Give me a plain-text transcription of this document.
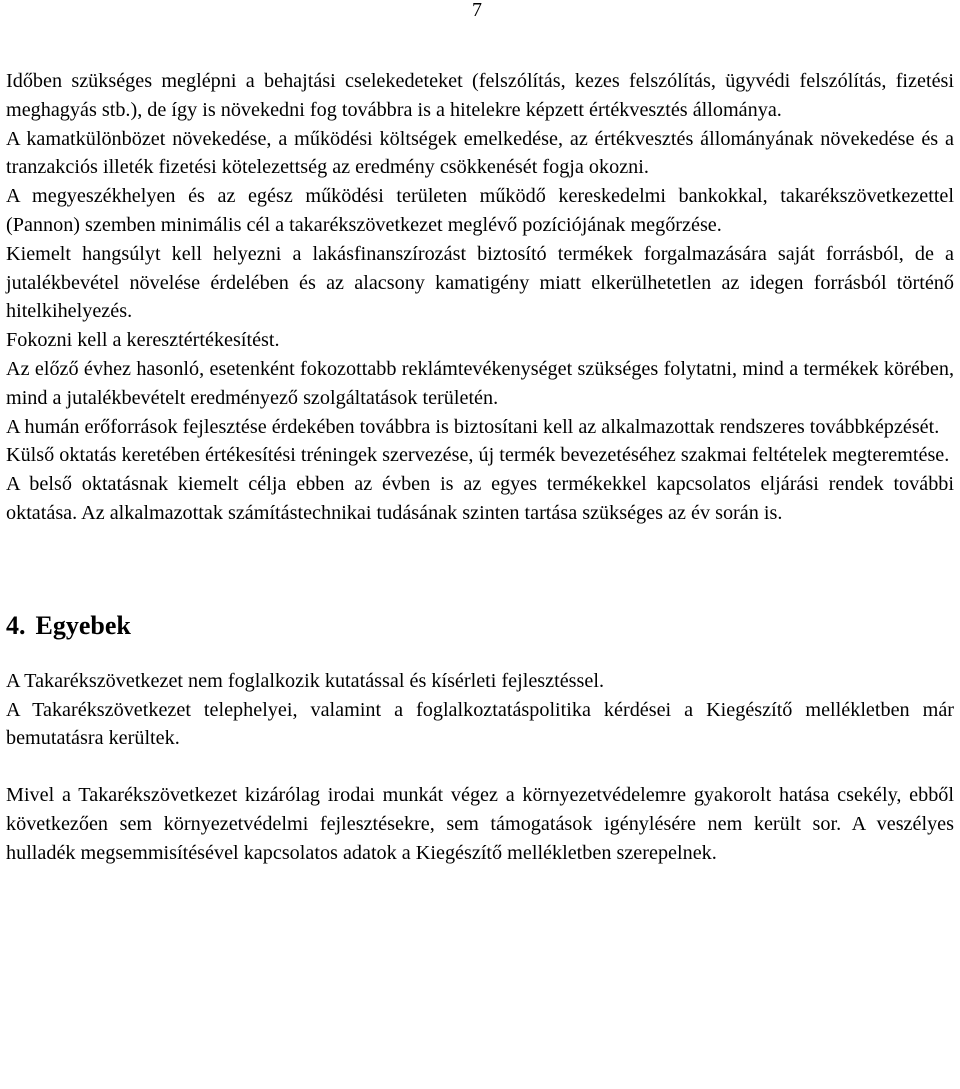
7

Időben szükséges meglépni a behajtási cselekedeteket (felszólítás, kezes felszólítás, ügyvédi felszólítás, fizetési meghagyás stb.), de így is növekedni fog továbbra is a hitelekre képzett értékvesztés állománya.

A kamatkülönbözet növekedése, a működési költségek emelkedése, az értékvesztés állományának növekedése és a tranzakciós illeték fizetési kötelezettség az eredmény csökkenését fogja okozni.

A megyeszékhelyen és az egész működési területen működő kereskedelmi bankokkal, takarékszövetkezettel (Pannon) szemben minimális cél a takarékszövetkezet meglévő pozíciójának megőrzése.

Kiemelt hangsúlyt kell helyezni a lakásfinanszírozást biztosító termékek forgalmazására saját forrásból, de a jutalékbevétel növelése érdelében és az alacsony kamatigény miatt elkerülhetetlen az idegen forrásból történő hitelkihelyezés.

Fokozni kell a keresztértékesítést.

Az előző évhez hasonló, esetenként fokozottabb reklámtevékenységet szükséges folytatni, mind a termékek körében, mind a jutalékbevételt eredményező szolgáltatások területén.

A humán erőforrások fejlesztése érdekében továbbra is biztosítani kell az alkalmazottak rendszeres továbbképzését.

Külső oktatás keretében értékesítési tréningek szervezése, új termék bevezetéséhez szakmai feltételek megteremtése.

A belső oktatásnak kiemelt célja ebben az évben is az egyes termékekkel kapcsolatos eljárási rendek további oktatása. Az alkalmazottak számítástechnikai tudásának szinten tartása szükséges az év során is.

4. Egyebek

A Takarékszövetkezet nem foglalkozik kutatással és kísérleti fejlesztéssel.

A Takarékszövetkezet telephelyei, valamint a foglalkoztatáspolitika kérdései a Kiegészítő mellékletben már bemutatásra kerültek.

Mivel a Takarékszövetkezet kizárólag irodai munkát végez a környezetvédelemre gyakorolt hatása csekély, ebből következően sem környezetvédelmi fejlesztésekre, sem támogatások igénylésére nem került sor. A veszélyes hulladék megsemmisítésével kapcsolatos adatok a Kiegészítő mellékletben szerepelnek.
